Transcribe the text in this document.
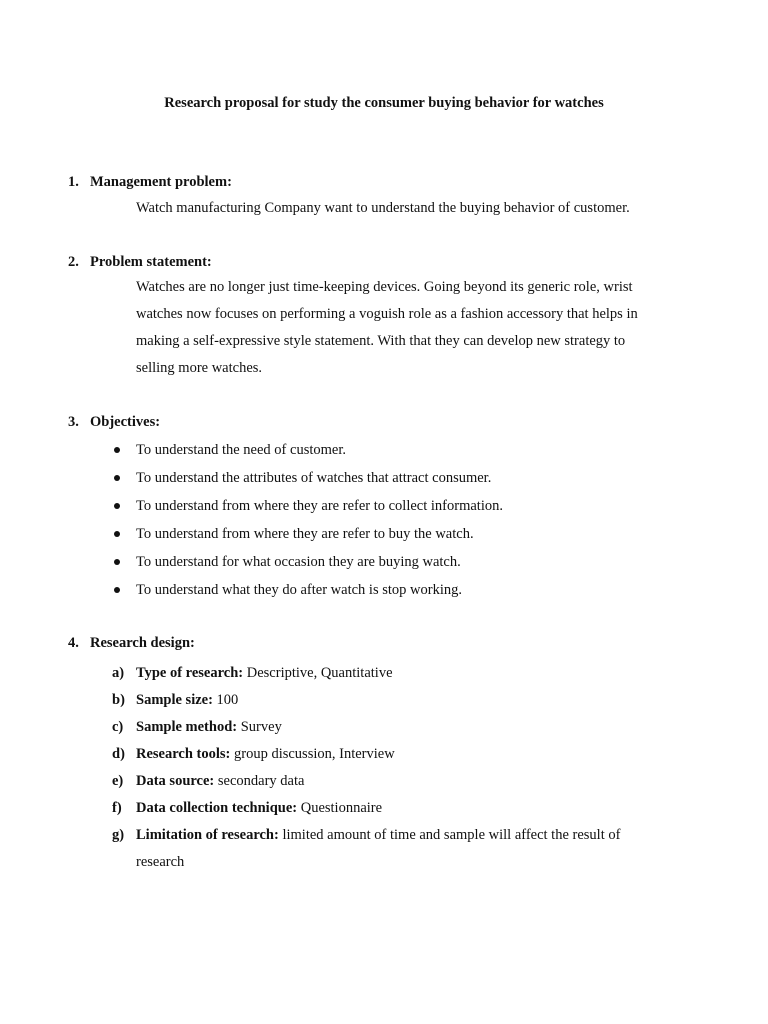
Research proposal for study the consumer buying behavior for watches
1. Management problem:
Watch manufacturing Company want to understand the buying behavior of customer.
2. Problem statement:
Watches are no longer just time-keeping devices. Going beyond its generic role, wrist watches now focuses on performing a voguish role as a fashion accessory that helps in making a self-expressive style statement. With that they can develop new strategy to selling more watches.
3. Objectives:
To understand the need of customer.
To understand the attributes of watches that attract consumer.
To understand from where they are refer to collect information.
To understand from where they are refer to buy the watch.
To understand for what occasion they are buying watch.
To understand what they do after watch is stop working.
4. Research design:
a) Type of research: Descriptive, Quantitative
b) Sample size: 100
c) Sample method: Survey
d) Research tools: group discussion, Interview
e) Data source: secondary data
f) Data collection technique: Questionnaire
g) Limitation of research: limited amount of time and sample will affect the result of research
